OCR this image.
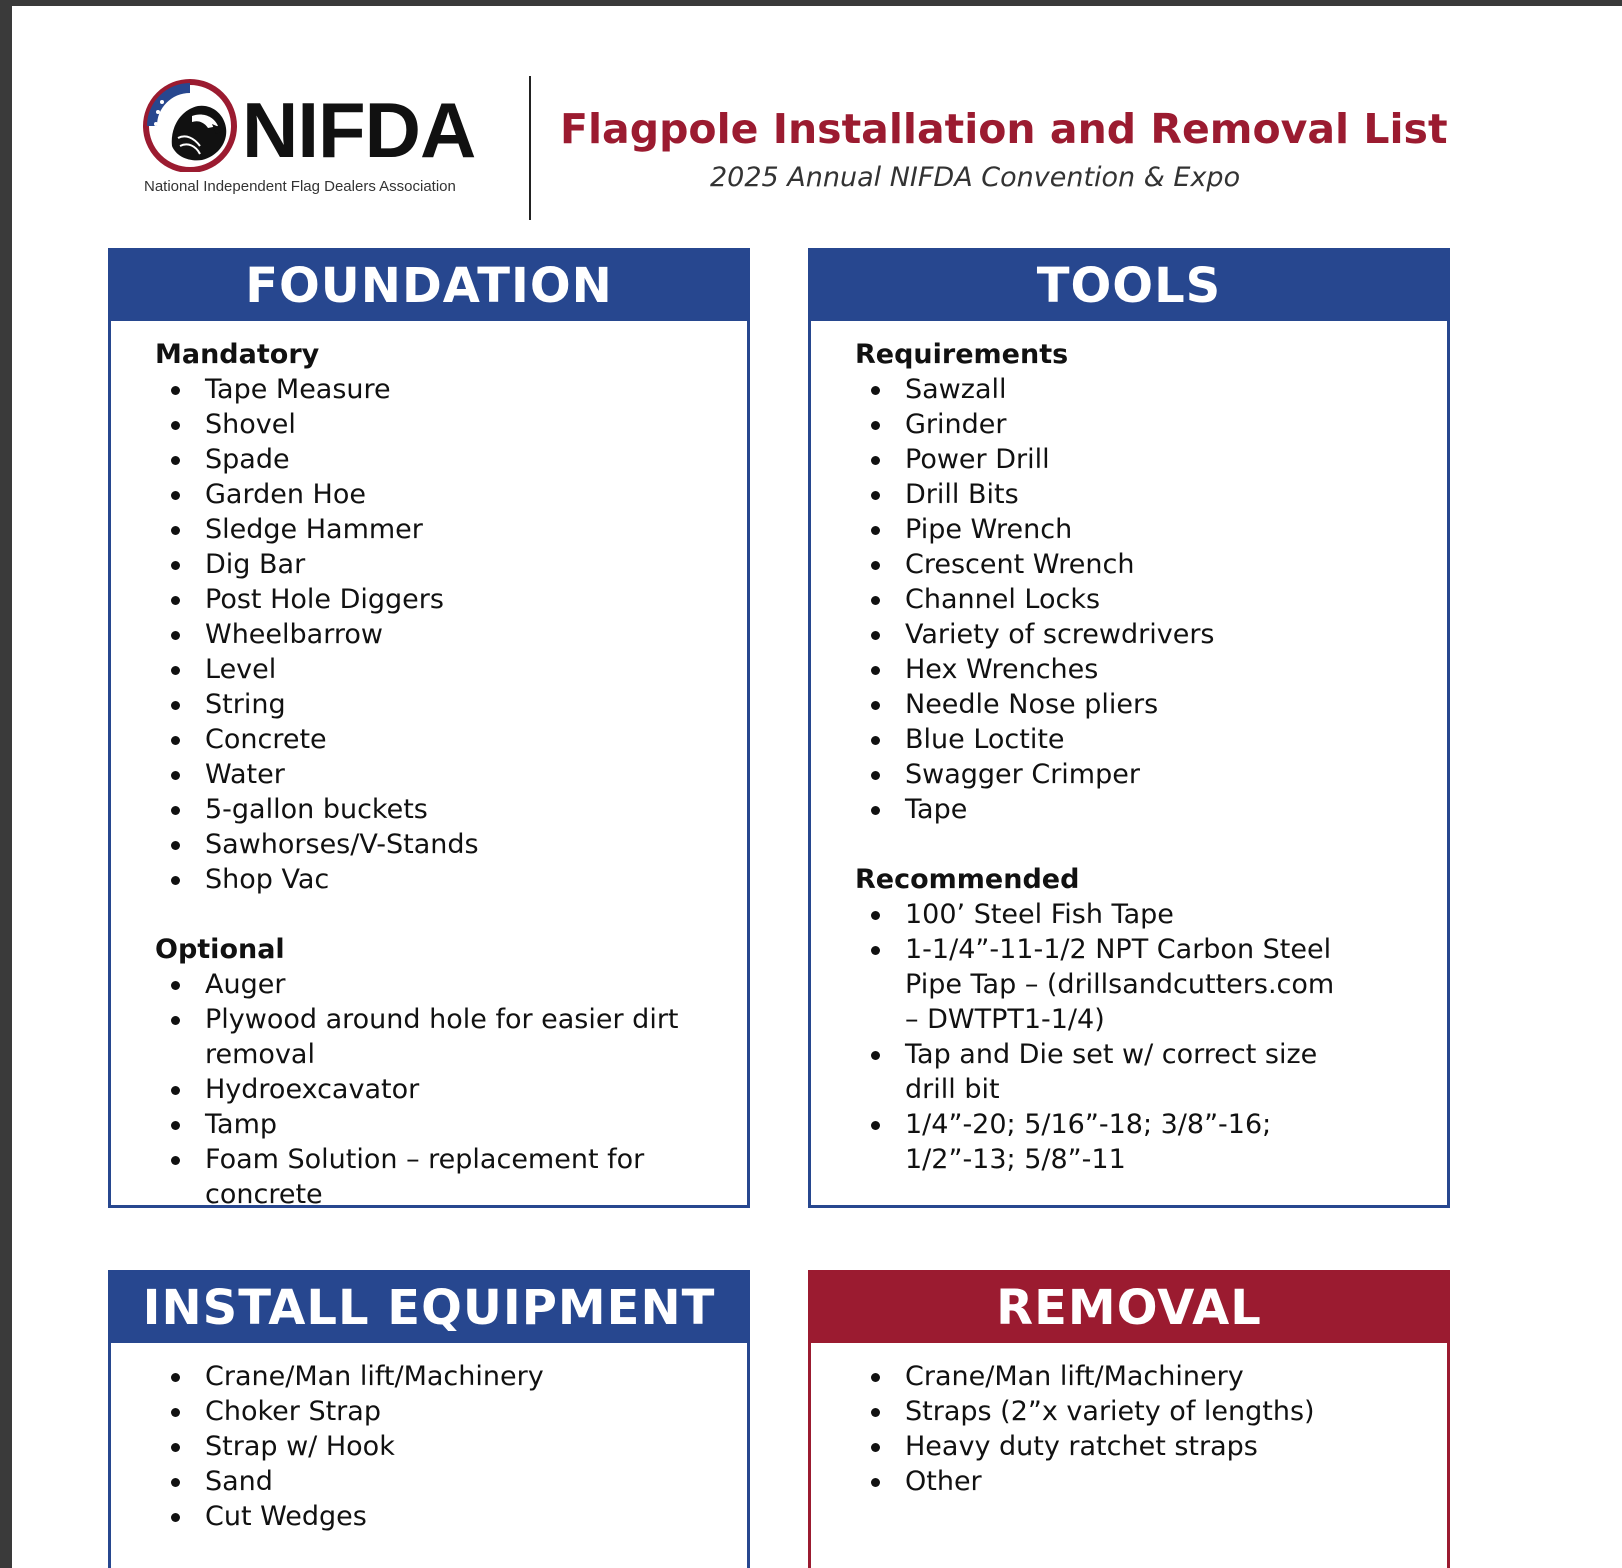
NIFDA
National Independent Flag Dealers Association
Flagpole Installation and Removal List
2025 Annual NIFDA Convention & Expo
FOUNDATION
Mandatory
Tape Measure
Shovel
Spade
Garden Hoe
Sledge Hammer
Dig Bar
Post Hole Diggers
Wheelbarrow
Level
String
Concrete
Water
5-gallon buckets
Sawhorses/V-Stands
Shop Vac
Optional
Auger
Plywood around hole for easier dirt
removal
Hydroexcavator
Tamp
Foam Solution – replacement for
concrete
TOOLS
Requirements
Sawzall
Grinder
Power Drill
Drill Bits
Pipe Wrench
Crescent Wrench
Channel Locks
Variety of screwdrivers
Hex Wrenches
Needle Nose pliers
Blue Loctite
Swagger Crimper
Tape
Recommended
100’ Steel Fish Tape
1-1/4”-11-1/2 NPT Carbon Steel
Pipe Tap – (drillsandcutters.com
– DWTPT1-1/4)
Tap and Die set w/ correct size
drill bit
1/4”-20; 5/16”-18; 3/8”-16;
1/2”-13; 5/8”-11
INSTALL EQUIPMENT
Crane/Man lift/Machinery
Choker Strap
Strap w/ Hook
Sand
Cut Wedges
REMOVAL
Crane/Man lift/Machinery
Straps (2”x variety of lengths)
Heavy duty ratchet straps
Other
